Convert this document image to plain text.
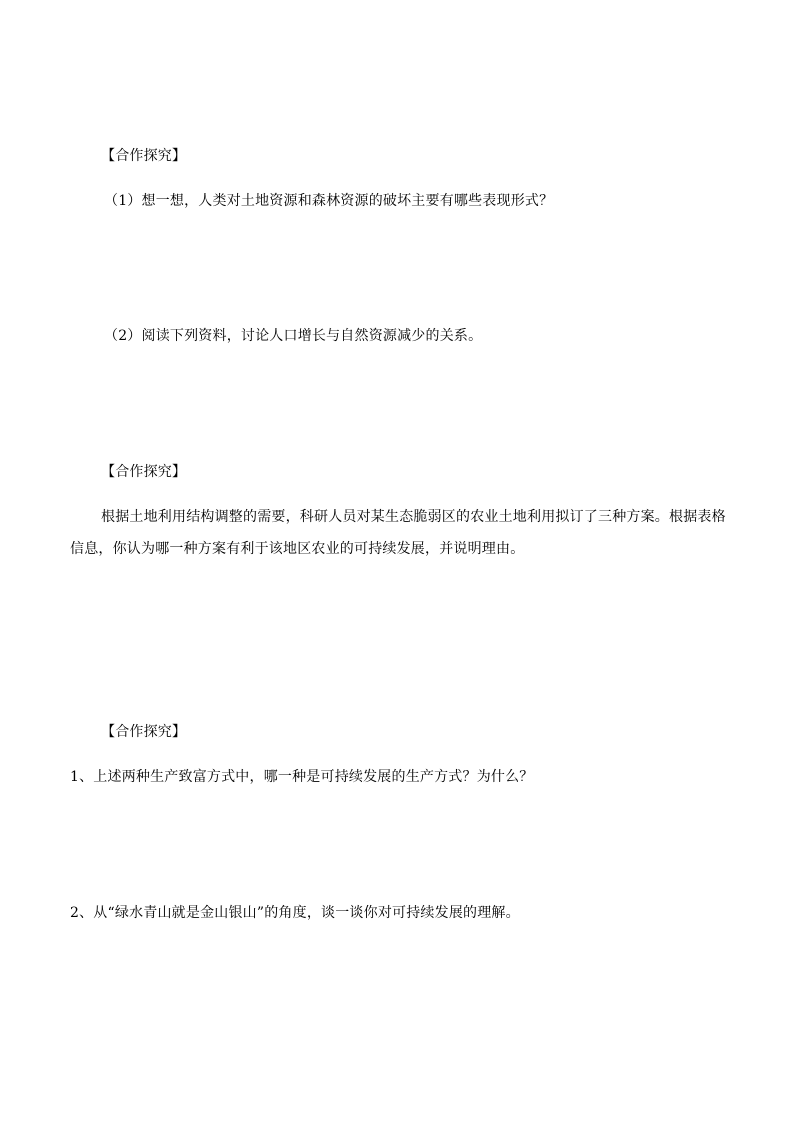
【合作探究】
（1）想一想，人类对土地资源和森林资源的破坏主要有哪些表现形式？
（2）阅读下列资料，讨论人口增长与自然资源减少的关系。
【合作探究】
根据土地利用结构调整的需要，科研人员对某生态脆弱区的农业土地利用拟订了三种方案。根据表格
信息，你认为哪一种方案有利于该地区农业的可持续发展，并说明理由。
【合作探究】
1、上述两种生产致富方式中，哪一种是可持续发展的生产方式？为什么？
2、从“绿水青山就是金山银山”的角度，谈一谈你对可持续发展的理解。
